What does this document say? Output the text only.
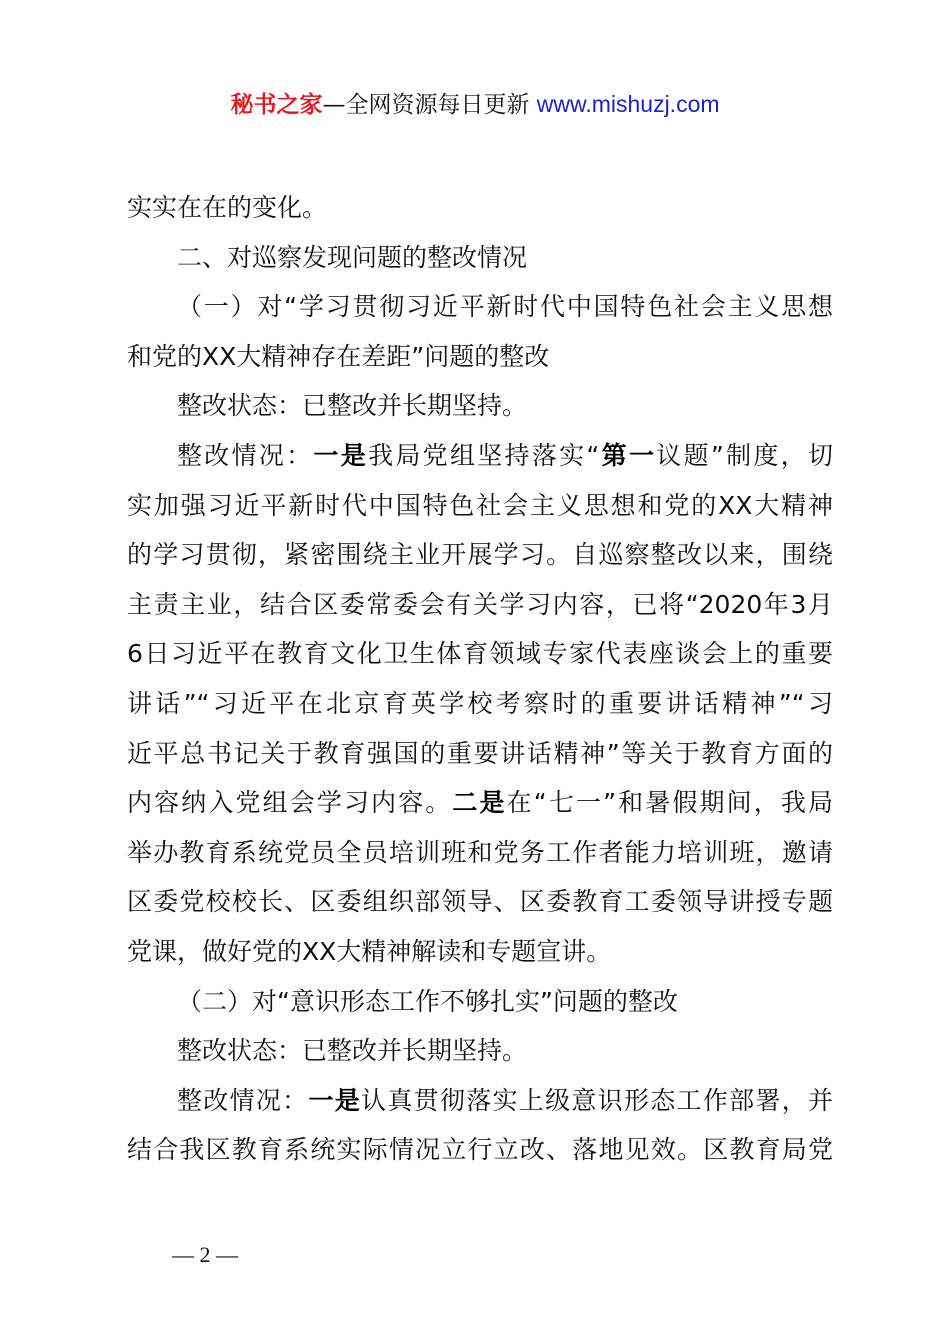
秘书之家—全网资源每日更新 www.mishuzj.com
实实在在的变化。
二、对巡察发现问题的整改情况
（一）对“学习贯彻习近平新时代中国特色社会主义思想
和党的XX大精神存在差距”问题的整改
整改状态：已整改并长期坚持。
整改情况：一是我局党组坚持落实“第一议题”制度，切
实加强习近平新时代中国特色社会主义思想和党的XX大精神
的学习贯彻，紧密围绕主业开展学习。自巡察整改以来，围绕
主责主业，结合区委常委会有关学习内容，已将“2020年3月
6日习近平在教育文化卫生体育领域专家代表座谈会上的重要
讲话”“习近平在北京育英学校考察时的重要讲话精神”“习
近平总书记关于教育强国的重要讲话精神”等关于教育方面的
内容纳入党组会学习内容。二是在“七一”和暑假期间，我局
举办教育系统党员全员培训班和党务工作者能力培训班，邀请
区委党校校长、区委组织部领导、区委教育工委领导讲授专题
党课，做好党的XX大精神解读和专题宣讲。
（二）对“意识形态工作不够扎实”问题的整改
整改状态：已整改并长期坚持。
整改情况：一是认真贯彻落实上级意识形态工作部署，并
结合我区教育系统实际情况立行立改、落地见效。区教育局党
— 2 —
